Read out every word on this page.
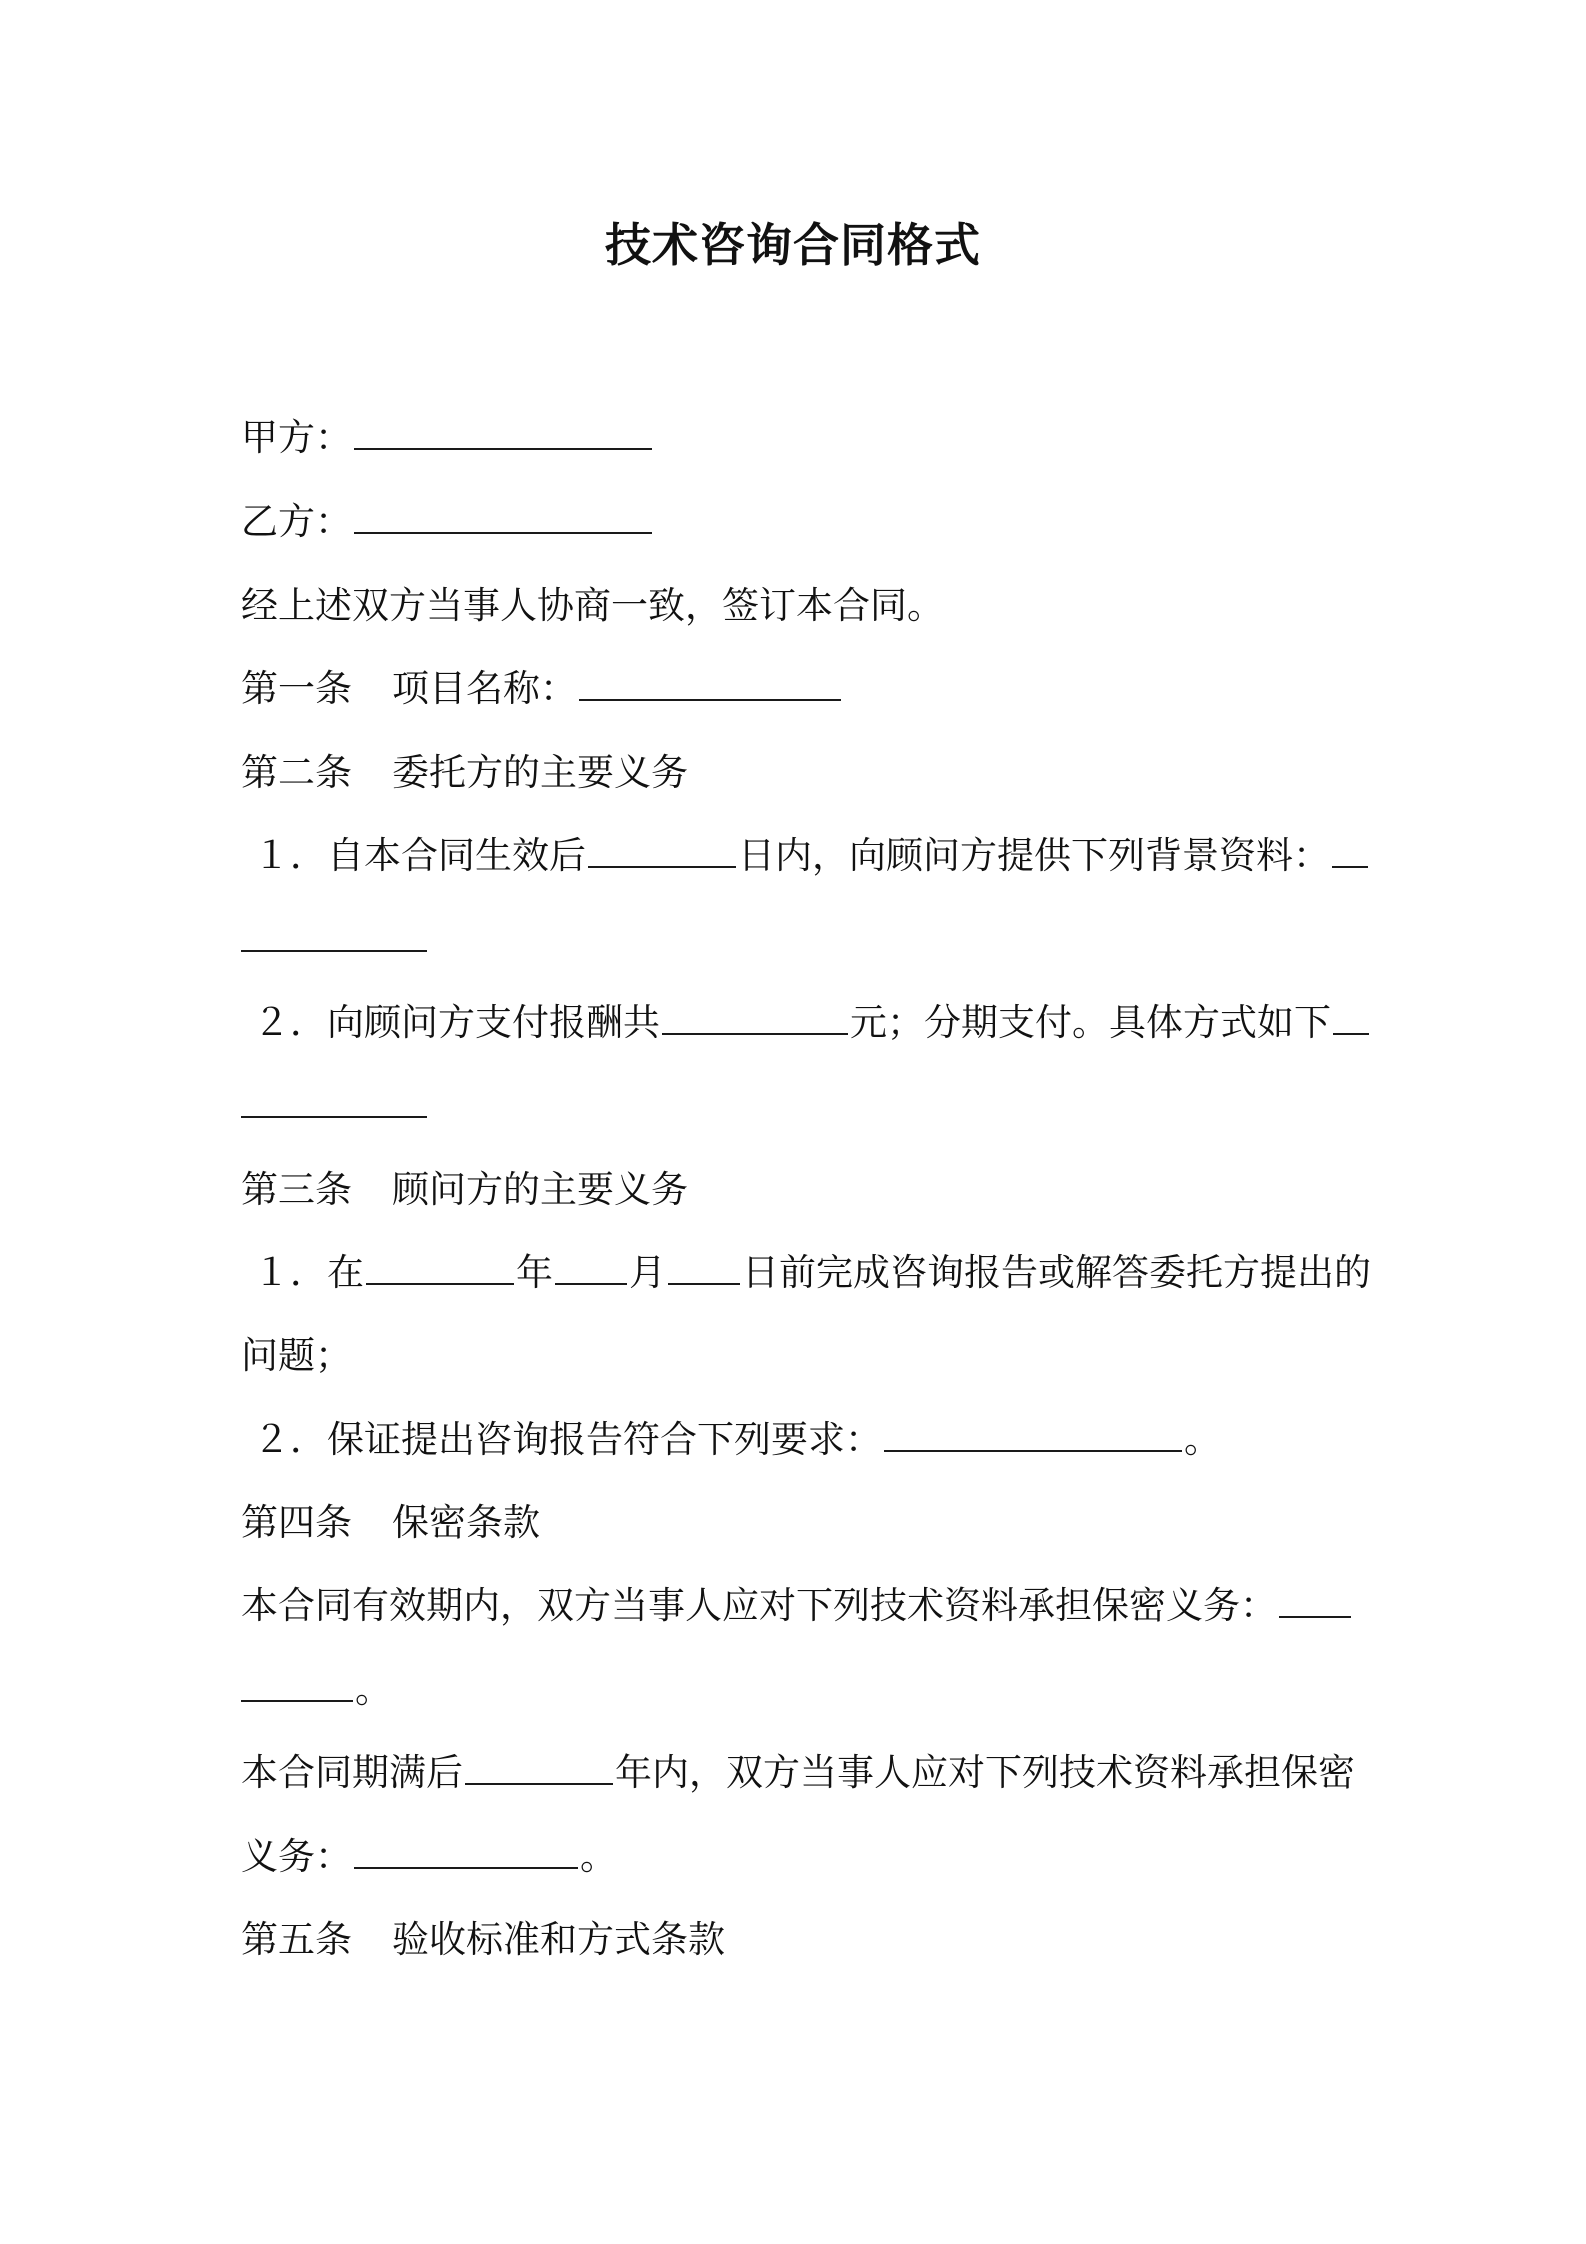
技术咨询合同格式
甲方：
乙方：
经上述双方当事人协商一致，签订本合同。
第一条 项目名称：
第二条 委托方的主要义务
１．自本合同生效后	日内，向顾问方提供下列背景资料：
２．向顾问方支付报酬共	元；分期支付。具体方式如下
第三条 顾问方的主要义务
１．在	年 月 日前完成咨询报告或解答委托方提出的
问题；
２．保证提出咨询报告符合下列要求：	。
第四条 保密条款
本合同有效期内，双方当事人应对下列技术资料承担保密义务：
。
本合同期满后	年内，双方当事人应对下列技术资料承担保密
义务：	。
第五条 验收标准和方式条款
